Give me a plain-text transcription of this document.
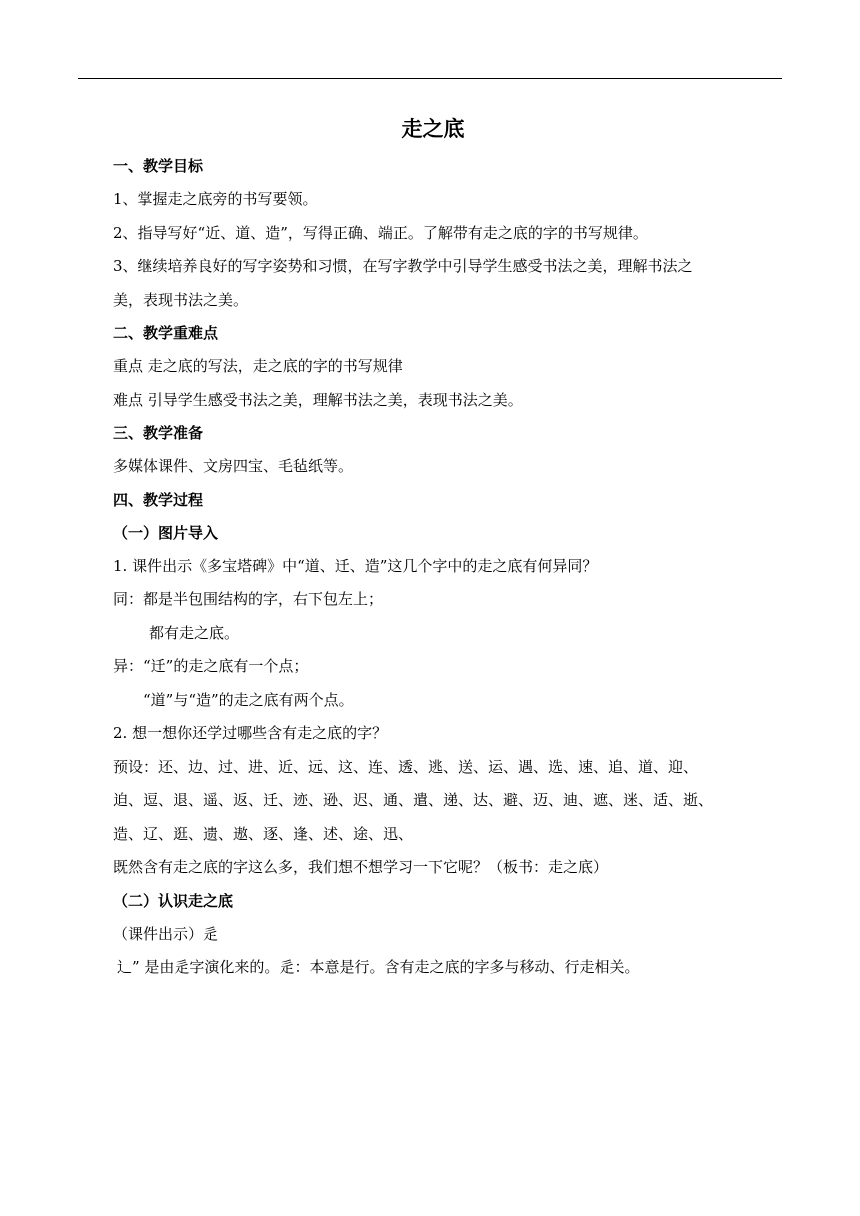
走之底
一、教学目标
1、掌握走之底旁的书写要领。
2、指导写好“近、道、造”，写得正确、端正。了解带有走之底的字的书写规律。
3、继续培养良好的写字姿势和习惯，在写字教学中引导学生感受书法之美，理解书法之
美，表现书法之美。
二、教学重难点
重点 走之底的写法，走之底的字的书写规律
难点 引导学生感受书法之美，理解书法之美，表现书法之美。
三、教学准备
多媒体课件、文房四宝、毛毡纸等。
四、教学过程
（一）图片导入
1. 课件出示《多宝塔碑》中“道、迁、造”这几个字中的走之底有何异同？
同：都是半包围结构的字，右下包左上；
都有走之底。
异：“迁”的走之底有一个点；
“道”与“造”的走之底有两个点。
2. 想一想你还学过哪些含有走之底的字？
预设：还、边、过、进、近、远、这、连、透、逃、送、运、遇、选、速、追、道、迎、
迫、逗、退、遥、返、迁、迹、逊、迟、通、遣、递、达、避、迈、迪、遮、迷、适、逝、
造、辽、逛、遗、遨、逐、逢、述、途、迅、
既然含有走之底的字这么多，我们想不想学习一下它呢？（板书：走之底）
（二）认识走之底
（课件出示）辵
辶” 是由辵字演化来的。辵：本意是行。含有走之底的字多与移动、行走相关。
